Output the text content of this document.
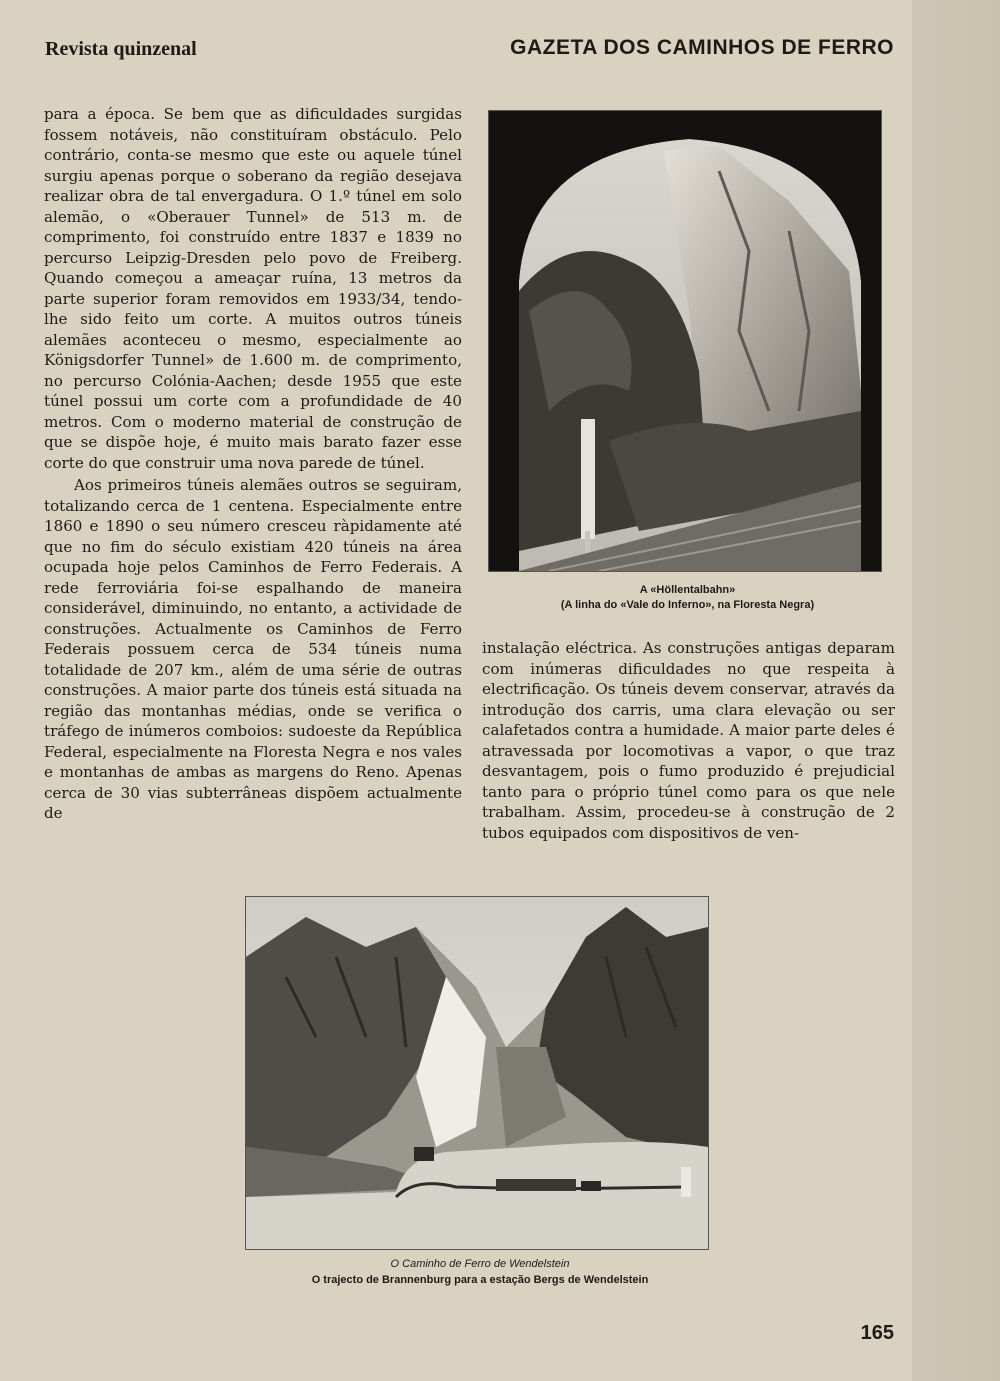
Revista quinzenal	GAZETA DOS CAMINHOS DE FERRO

para a época. Se bem que as dificuldades surgidas fossem notáveis, não constituíram obstáculo. Pelo contrário, conta-se mesmo que este ou aquele túnel surgiu apenas porque o soberano da região desejava realizar obra de tal envergadura. O 1.º túnel em solo alemão, o «Oberauer Tunnel» de 513 m. de comprimento, foi construído entre 1837 e 1839 no percurso Leipzig-Dresden pelo povo de Freiberg. Quando começou a ameaçar ruína, 13 metros da parte superior foram removidos em 1933/34, tendo-lhe sido feito um corte. A muitos outros túneis alemães aconteceu o mesmo, especialmente ao Königsdorfer Tunnel» de 1.600 m. de comprimento, no percurso Colónia-Aachen; desde 1955 que este túnel possui um corte com a profundidade de 40 metros. Com o moderno material de construção de que se dispõe hoje, é muito mais barato fazer esse corte do que construir uma nova parede de túnel.

Aos primeiros túneis alemães outros se seguiram, totalizando cerca de 1 centena. Especialmente entre 1860 e 1890 o seu número cresceu ràpidamente até que no fim do século existiam 420 túneis na área ocupada hoje pelos Caminhos de Ferro Federais. A rede ferroviária foi-se espalhando de maneira considerável, diminuindo, no entanto, a actividade de construções. Actualmente os Caminhos de Ferro Federais possuem cerca de 534 túneis numa totalidade de 207 km., além de uma série de outras construções. A maior parte dos túneis está situada na região das montanhas médias, onde se verifica o tráfego de inúmeros comboios: sudoeste da República Federal, especialmente na Floresta Negra e nos vales e montanhas de ambas as margens do Reno. Apenas cerca de 30 vias subterrâneas dispõem actualmente de

A «Höllentalbahn»
(A linha do «Vale do Inferno», na Floresta Negra)

instalação eléctrica. As construções antigas deparam com inúmeras dificuldades no que respeita à electrificação. Os túneis devem conservar, através da introdução dos carris, uma clara elevação ou ser calafetados contra a humidade. A maior parte deles é atravessada por locomotivas a vapor, o que traz desvantagem, pois o fumo produzido é prejudicial tanto para o próprio túnel como para os que nele trabalham. Assim, procedeu-se à construção de 2 tubos equipados com dispositivos de ven-

O Caminho de Ferro de Wendelstein
O trajecto de Brannenburg para a estação Bergs de Wendelstein
165
